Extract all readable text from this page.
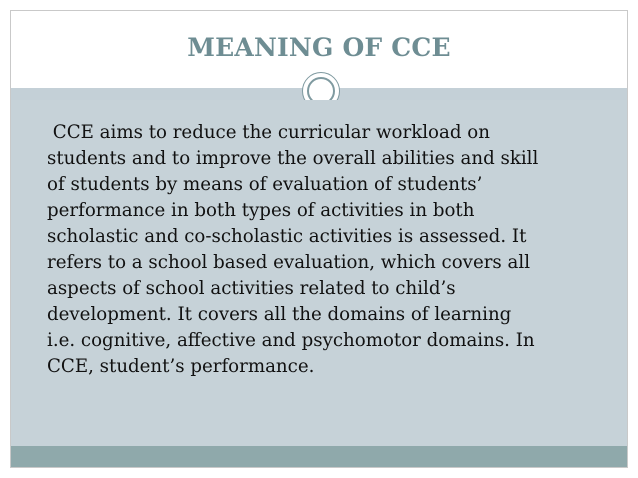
MEANING OF CCE

CCE aims to reduce the curricular workload on
students and to improve the overall abilities and skill
of students by means of evaluation of students’
performance in both types of activities in both
scholastic and co-scholastic activities is assessed. It
refers to a school based evaluation, which covers all
aspects of school activities related to child’s
development. It covers all the domains of learning
i.e. cognitive, affective and psychomotor domains. In
CCE, student’s performance.
